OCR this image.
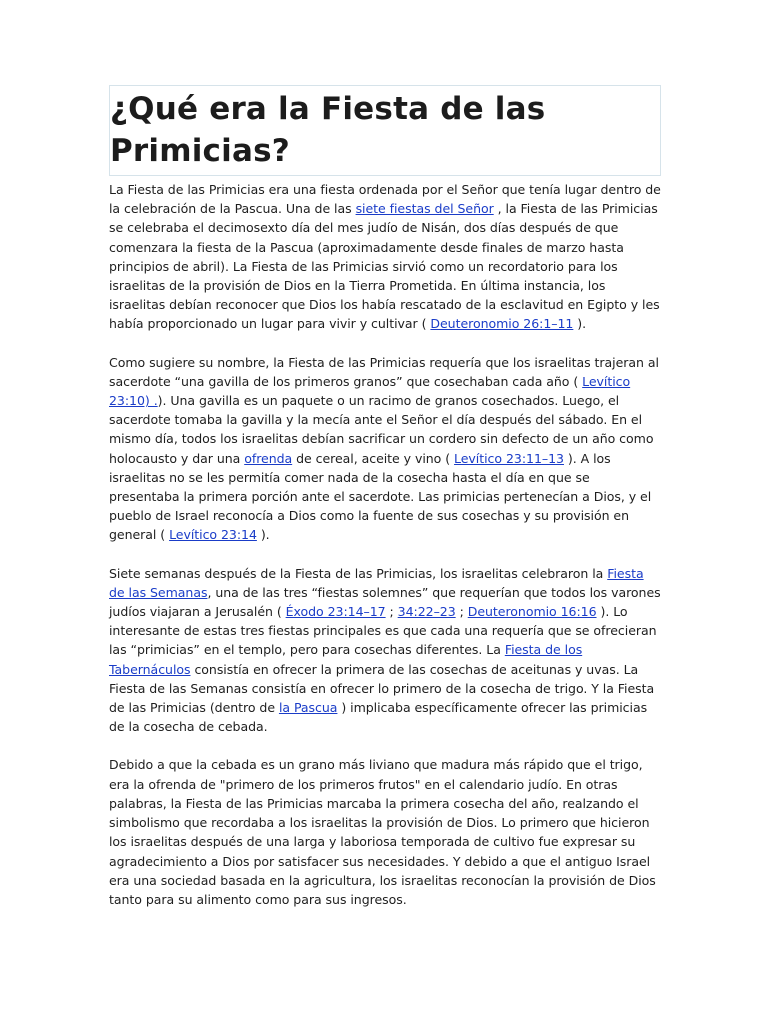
¿Qué era la Fiesta de las Primicias?

La Fiesta de las Primicias era una fiesta ordenada por el Señor que tenía lugar dentro de la celebración de la Pascua. Una de las siete fiestas del Señor , la Fiesta de las Primicias se celebraba el decimosexto día del mes judío de Nisán, dos días después de que comenzara la fiesta de la Pascua (aproximadamente desde finales de marzo hasta principios de abril). La Fiesta de las Primicias sirvió como un recordatorio para los israelitas de la provisión de Dios en la Tierra Prometida. En última instancia, los israelitas debían reconocer que Dios los había rescatado de la esclavitud en Egipto y les había proporcionado un lugar para vivir y cultivar ( Deuteronomio 26:1–11 ).

Como sugiere su nombre, la Fiesta de las Primicias requería que los israelitas trajeran al sacerdote “una gavilla de los primeros granos” que cosechaban cada año ( Levítico 23:10) .). Una gavilla es un paquete o un racimo de granos cosechados. Luego, el sacerdote tomaba la gavilla y la mecía ante el Señor el día después del sábado. En el mismo día, todos los israelitas debían sacrificar un cordero sin defecto de un año como holocausto y dar una ofrenda de cereal, aceite y vino ( Levítico 23:11–13 ). A los israelitas no se les permitía comer nada de la cosecha hasta el día en que se presentaba la primera porción ante el sacerdote. Las primicias pertenecían a Dios, y el pueblo de Israel reconocía a Dios como la fuente de sus cosechas y su provisión en general ( Levítico 23:14 ).

Siete semanas después de la Fiesta de las Primicias, los israelitas celebraron la Fiesta de las Semanas, una de las tres “fiestas solemnes” que requerían que todos los varones judíos viajaran a Jerusalén ( Éxodo 23:14–17 ; 34:22–23 ; Deuteronomio 16:16 ). Lo interesante de estas tres fiestas principales es que cada una requería que se ofrecieran las “primicias” en el templo, pero para cosechas diferentes. La Fiesta de los Tabernáculos consistía en ofrecer la primera de las cosechas de aceitunas y uvas. La Fiesta de las Semanas consistía en ofrecer lo primero de la cosecha de trigo. Y la Fiesta de las Primicias (dentro de la Pascua ) implicaba específicamente ofrecer las primicias de la cosecha de cebada.

Debido a que la cebada es un grano más liviano que madura más rápido que el trigo, era la ofrenda de "primero de los primeros frutos" en el calendario judío. En otras palabras, la Fiesta de las Primicias marcaba la primera cosecha del año, realzando el simbolismo que recordaba a los israelitas la provisión de Dios. Lo primero que hicieron los israelitas después de una larga y laboriosa temporada de cultivo fue expresar su agradecimiento a Dios por satisfacer sus necesidades. Y debido a que el antiguo Israel era una sociedad basada en la agricultura, los israelitas reconocían la provisión de Dios tanto para su alimento como para sus ingresos.
